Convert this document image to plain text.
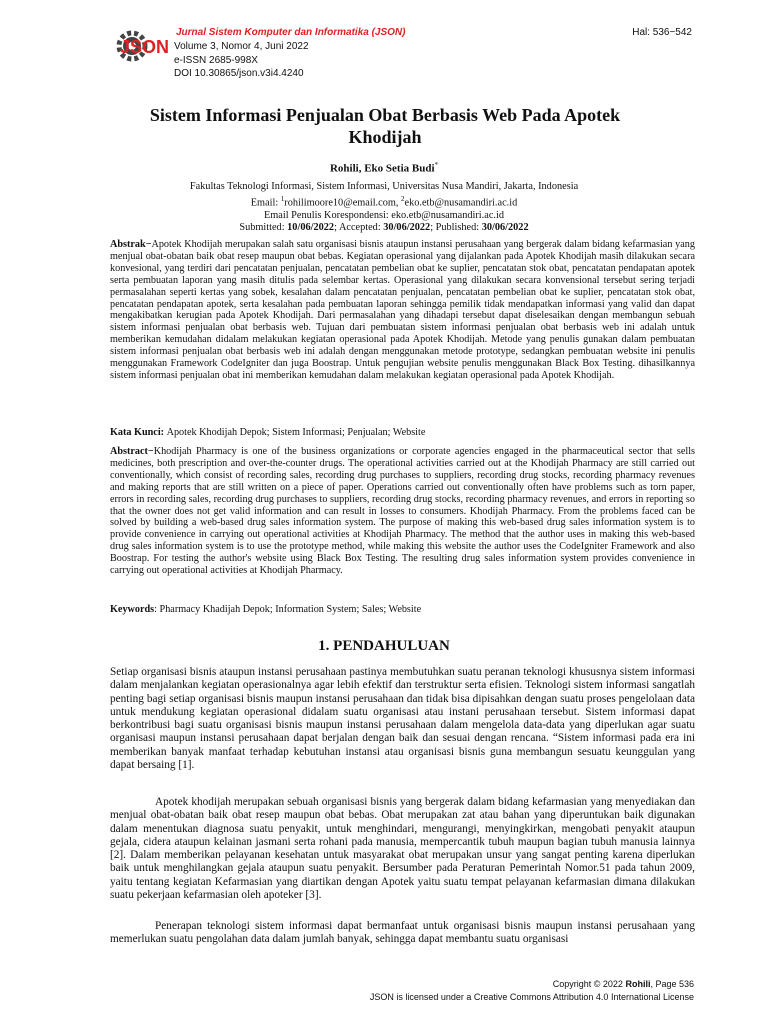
JSON
Jurnal Sistem Komputer dan Informatika (JSON)
Volume 3, Nomor 4, Juni 2022
e-ISSN 2685-998X
DOI 10.30865/json.v3i4.4240
Hal: 536−542
Sistem Informasi Penjualan Obat Berbasis Web Pada Apotek Khodijah
Rohili, Eko Setia Budi*
Fakultas Teknologi Informasi, Sistem Informasi, Universitas Nusa Mandiri, Jakarta, Indonesia
Email: $^1$rohilimoore10@email.com, $^2$eko.etb@nusamandiri.ac.id
Email Penulis Korespondensi: eko.etb@nusamandiri.ac.id
Submitted: 10/06/2022; Accepted: 30/06/2022; Published: 30/06/2022
Abstrak−Apotek Khodijah merupakan salah satu organisasi bisnis ataupun instansi perusahaan yang bergerak dalam bidang kefarmasian yang menjual obat-obatan baik obat resep maupun obat bebas. Kegiatan operasional yang dijalankan pada Apotek Khodijah masih dilakukan secara konvesional, yang terdiri dari pencatatan penjualan, pencatatan pembelian obat ke suplier, pencatatan stok obat, pencatatan pendapatan apotek serta pembuatan laporan yang masih ditulis pada selembar kertas. Operasional yang dilakukan secara konvensional tersebut sering terjadi permasalahan seperti kertas yang sobek, kesalahan dalam pencatatan penjualan, pencatatan pembelian obat ke suplier, pencatatan stok obat, pencatatan pendapatan apotek, serta kesalahan pada pembuatan laporan sehingga pemilik tidak mendapatkan informasi yang valid dan dapat mengakibatkan kerugian pada Apotek Khodijah. Dari permasalahan yang dihadapi tersebut dapat diselesaikan dengan membangun sebuah sistem informasi penjualan obat berbasis web. Tujuan dari pembuatan sistem informasi penjualan obat berbasis web ini adalah untuk memberikan kemudahan didalam melakukan kegiatan operasional pada Apotek Khodijah. Metode yang penulis gunakan dalam pembuatan sistem informasi penjualan obat berbasis web ini adalah dengan menggunakan metode prototype, sedangkan pembuatan website ini penulis menggunakan Framework CodeIgniter dan juga Boostrap. Untuk pengujian website penulis menggunakan Black Box Testing. dihasilkannya sistem informasi penjualan obat ini memberikan kemudahan dalam melakukan kegiatan operasional pada Apotek Khodijah.
Kata Kunci: Apotek Khodijah Depok; Sistem Informasi; Penjualan; Website
Abstract−Khodijah Pharmacy is one of the business organizations or corporate agencies engaged in the pharmaceutical sector that sells medicines, both prescription and over-the-counter drugs. The operational activities carried out at the Khodijah Pharmacy are still carried out conventionally, which consist of recording sales, recording drug purchases to suppliers, recording drug stocks, recording pharmacy revenues and making reports that are still written on a piece of paper. Operations carried out conventionally often have problems such as torn paper, errors in recording sales, recording drug purchases to suppliers, recording drug stocks, recording pharmacy revenues, and errors in reporting so that the owner does not get valid information and can result in losses to consumers. Khodijah Pharmacy. From the problems faced can be solved by building a web-based drug sales information system. The purpose of making this web-based drug sales information system is to provide convenience in carrying out operational activities at Khodijah Pharmacy. The method that the author uses in making this web-based drug sales information system is to use the prototype method, while making this website the author uses the CodeIgniter Framework and also Boostrap. For testing the author's website using Black Box Testing. The resulting drug sales information system provides convenience in carrying out operational activities at Khodijah Pharmacy.
Keywords: Pharmacy Khadijah Depok; Information System; Sales; Website
1. PENDAHULUAN

Setiap organisasi bisnis ataupun instansi perusahaan pastinya membutuhkan suatu peranan teknologi khususnya sistem informasi dalam menjalankan kegiatan operasionalnya agar lebih efektif dan terstruktur serta efisien. Teknologi sistem informasi sangatlah penting bagi setiap organisasi bisnis maupun instansi perusahaan dan tidak bisa dipisahkan dengan suatu proses pengelolaan data untuk mendukung kegiatan operasional didalam suatu organisasi atau instani perusahaan tersebut. Sistem informasi dapat berkontribusi bagi suatu organisasi bisnis maupun instansi perusahaan dalam mengelola data-data yang diperlukan agar suatu organisasi maupun instansi perusahaan dapat berjalan dengan baik dan sesuai dengan rencana. “Sistem informasi pada era ini memberikan banyak manfaat terhadap kebutuhan instansi atau organisasi bisnis guna membangun sesuatu keunggulan yang dapat bersaing [1].

Apotek khodijah merupakan sebuah organisasi bisnis yang bergerak dalam bidang kefarmasian yang menyediakan dan menjual obat-obatan baik obat resep maupun obat bebas. Obat merupakan zat atau bahan yang diperuntukan baik digunakan dalam menentukan diagnosa suatu penyakit, untuk menghindari, mengurangi, menyingkirkan, mengobati penyakit ataupun gejala, cidera ataupun kelainan jasmani serta rohani pada manusia, mempercantik tubuh maupun bagian tubuh manusia lainnya [2]. Dalam memberikan pelayanan kesehatan untuk masyarakat obat merupakan unsur yang sangat penting karena diperlukan baik untuk menghilangkan gejala ataupun suatu penyakit. Bersumber pada Peraturan Pemerintah Nomor.51 pada tahun 2009, yaitu tentang kegiatan Kefarmasian yang diartikan dengan Apotek yaitu suatu tempat pelayanan kefarmasian dimana dilakukan suatu pekerjaan kefarmasian oleh apoteker [3].

Penerapan teknologi sistem informasi dapat bermanfaat untuk organisasi bisnis maupun instansi perusahaan yang memerlukan suatu pengolahan data dalam jumlah banyak, sehingga dapat membantu suatu organisasi

Copyright © 2022 Rohili, Page 536
JSON is licensed under a Creative Commons Attribution 4.0 International License
